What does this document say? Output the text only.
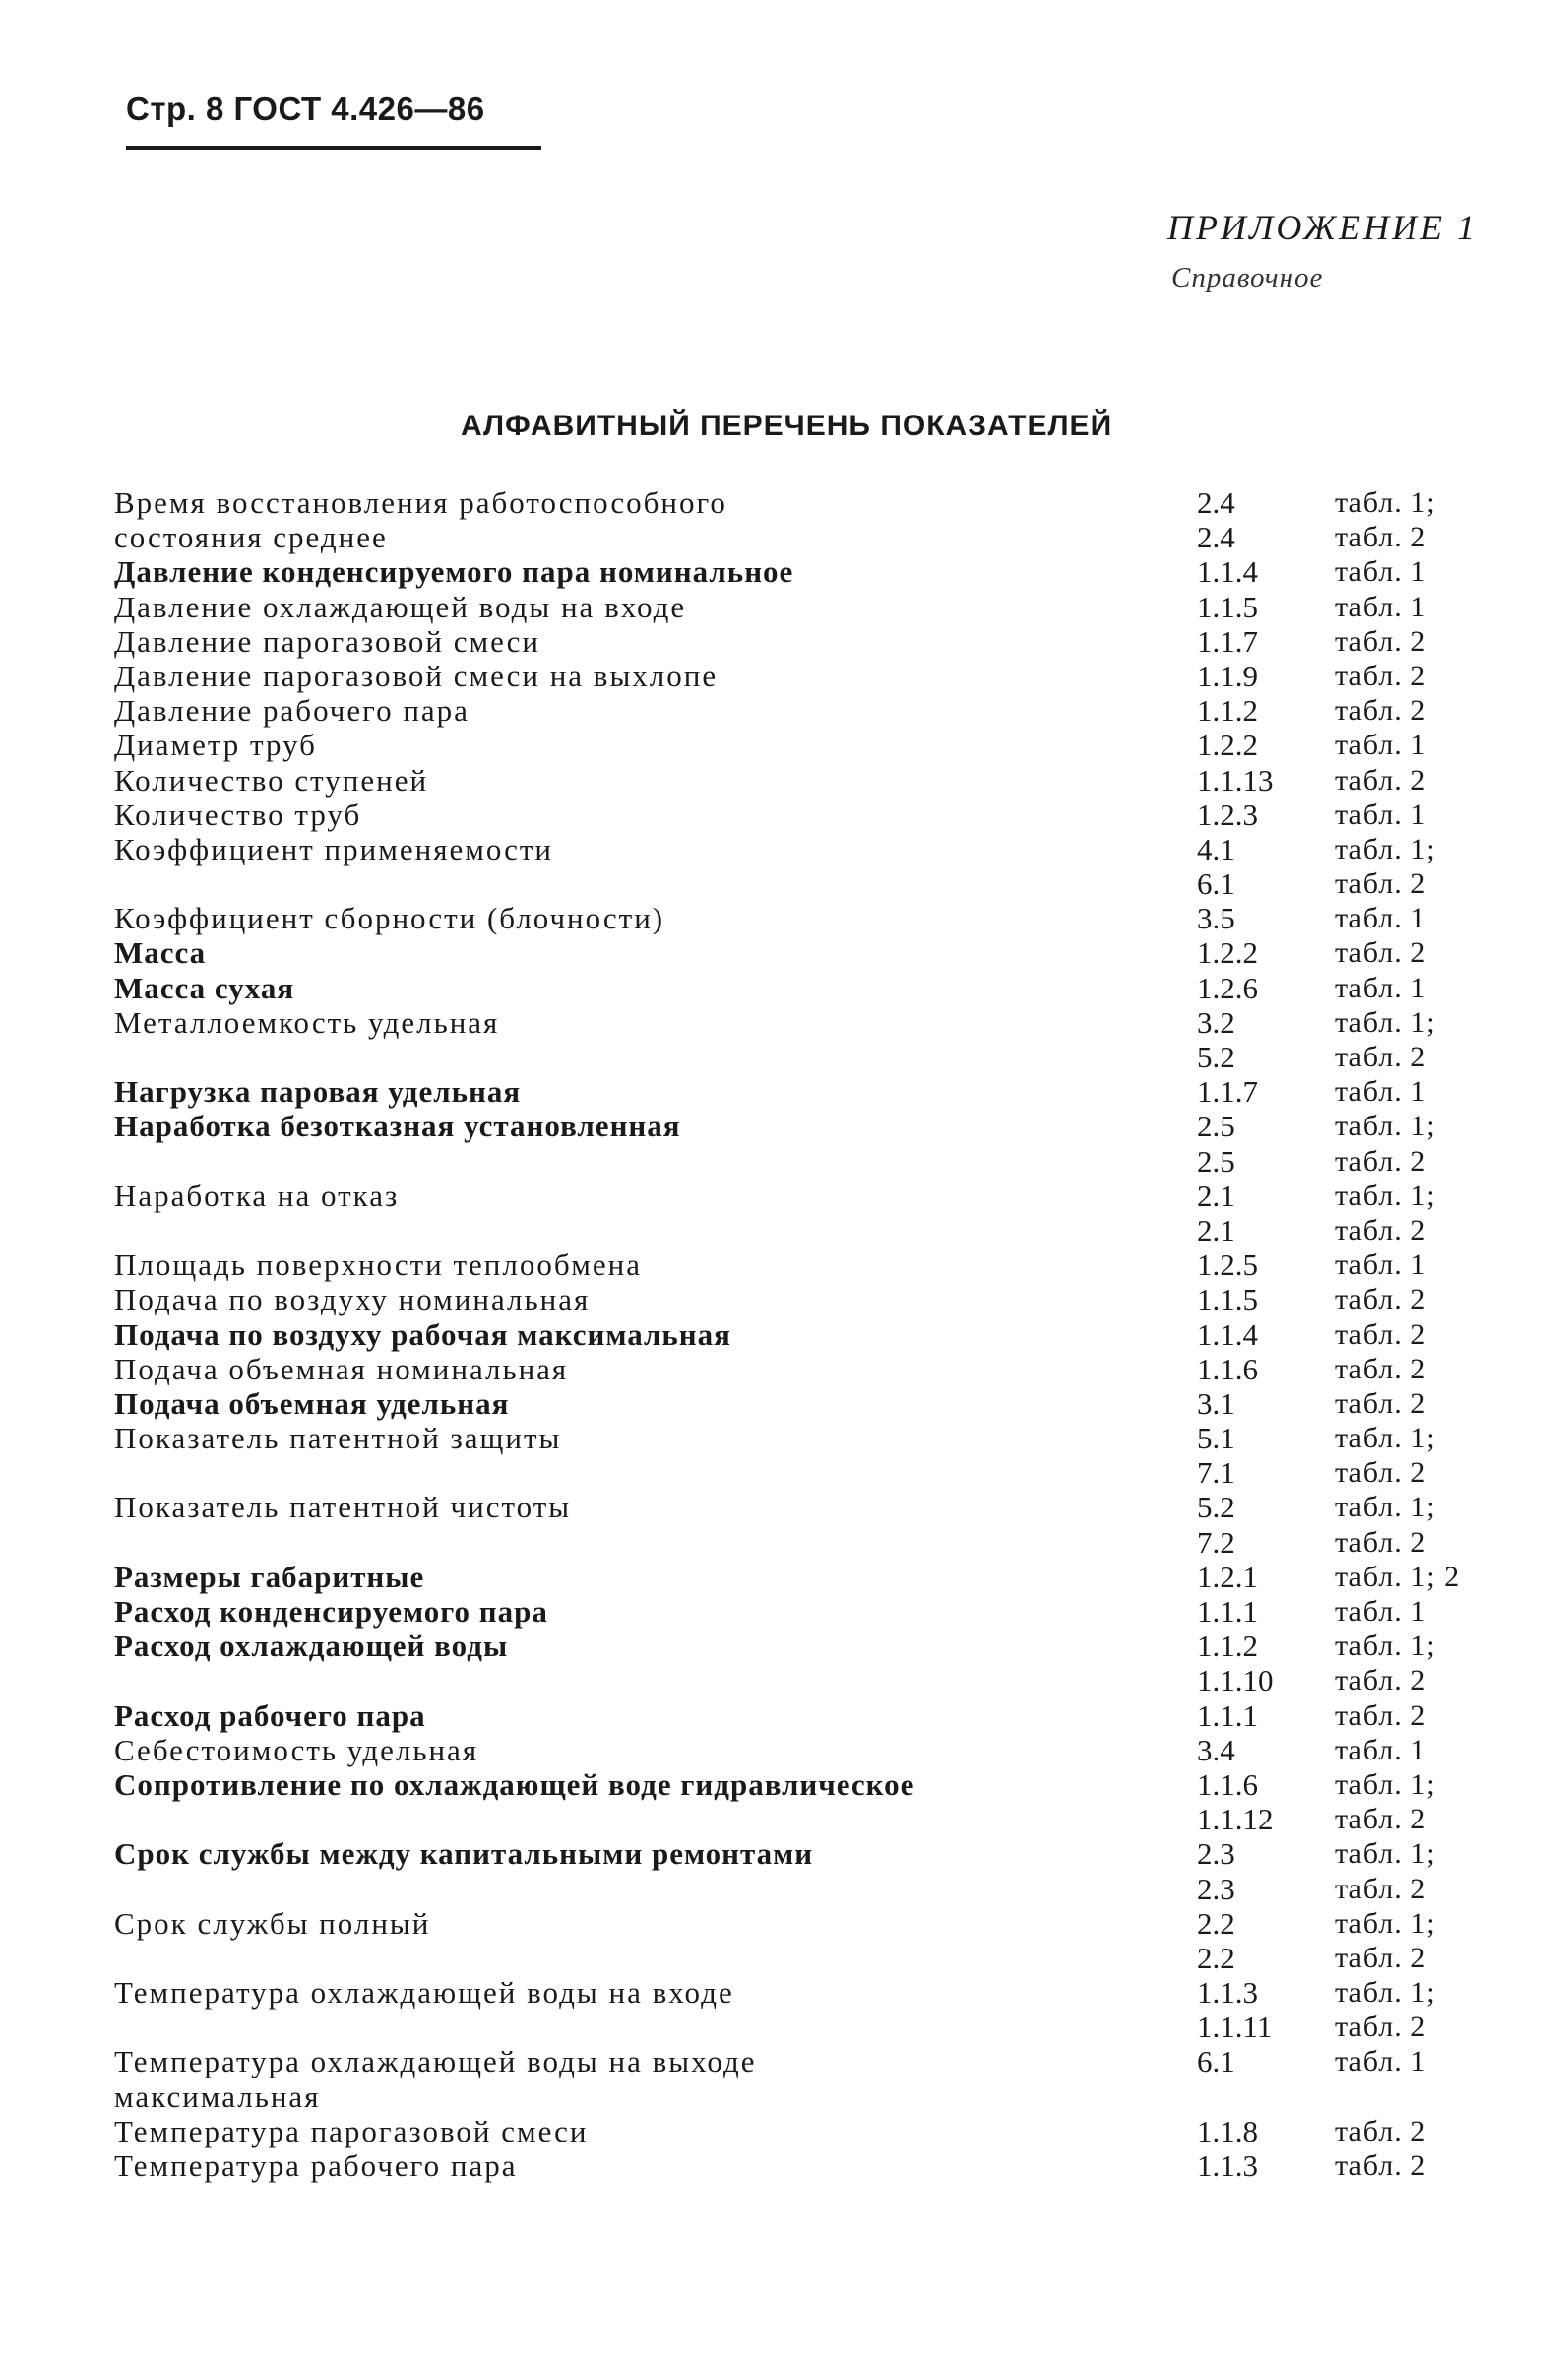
Стр. 8 ГОСТ 4.426—86
ПРИЛОЖЕНИЕ 1
Справочное
АЛФАВИТНЫЙ ПЕРЕЧЕНЬ ПОКАЗАТЕЛЕЙ
Время восстановления работоспособного	2.4	табл. 1;
состояния среднее	2.4	табл. 2
Давление конденсируемого пара номинальное	1.1.4	табл. 1
Давление охлаждающей воды на входе	1.1.5	табл. 1
Давление парогазовой смеси	1.1.7	табл. 2
Давление парогазовой смеси на выхлопе	1.1.9	табл. 2
Давление рабочего пара	1.1.2	табл. 2
Диаметр труб	1.2.2	табл. 1
Количество ступеней	1.1.13 табл. 2
Количество труб	1.2.3	табл. 1
Коэффициент применяемости	4.1	табл. 1;
6.1	табл. 2
Коэффициент сборности (блочности)	3.5	табл. 1
Масса	1.2.2	табл. 2
Масса сухая	1.2.6	табл. 1
Металлоемкость удельная	3.2	табл. 1;
5.2	табл. 2
Нагрузка паровая удельная	1.1.7	табл. 1
Наработка безотказная установленная	2.5	табл. 1;
2.5	табл. 2
Наработка на отказ	2.1	табл. 1;
2.1	табл. 2
Площадь поверхности теплообмена	1.2.5	табл. 1
Подача по воздуху номинальная	1.1.5	табл. 2
Подача по воздуху рабочая максимальная	1.1.4	табл. 2
Подача объемная номинальная	1.1.6	табл. 2
Подача объемная удельная	3.1	табл. 2
Показатель патентной защиты	5.1	табл. 1;
7.1	табл. 2
Показатель патентной чистоты	5.2	табл. 1;
7.2	табл. 2
Размеры габаритные	1.2.1	табл. 1; 2
Расход конденсируемого пара	1.1.1	табл. 1
Расход охлаждающей воды	1.1.2	табл. 1;
1.1.10 табл. 2
Расход рабочего пара	1.1.1	табл. 2
Себестоимость удельная	3.4	табл. 1
Сопротивление по охлаждающей воде гидравлическое	1.1.6	табл. 1;
1.1.12 табл. 2
Срок службы между капитальными ремонтами	2.3	табл. 1;
2.3	табл. 2
Срок службы полный	2.2	табл. 1;
2.2	табл. 2
Температура охлаждающей воды на входе	1.1.3	табл. 1;
1.1.11 табл. 2
Температура охлаждающей воды на выходе	6.1	табл. 1
максимальная
Температура парогазовой смеси	1.1.8	табл. 2
Температура рабочего пара	1.1.3	табл. 2
